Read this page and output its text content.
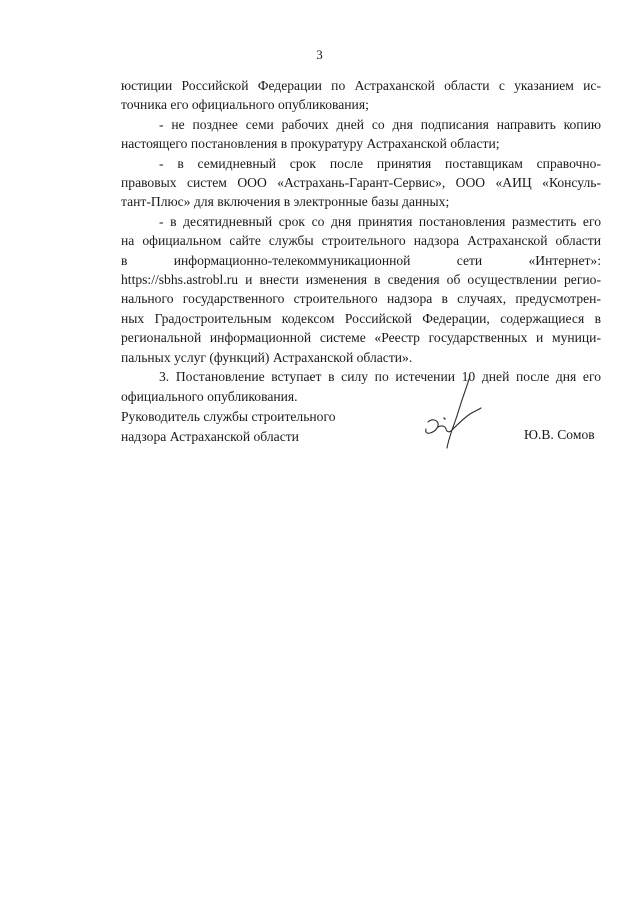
3
юстиции Российской Федерации по Астраханской области с указанием ис-
точника его официального опубликования;
- не позднее семи рабочих дней со дня подписания направить копию
настоящего постановления в прокуратуру Астраханской области;
- в семидневный срок после принятия поставщикам справочно-
правовых систем ООО «Астрахань-Гарант-Сервис», ООО «АИЦ «Консуль-
тант-Плюс» для включения в электронные базы данных;
- в десятидневный срок со дня принятия постановления разместить его
на официальном сайте службы строительного надзора Астраханской области
в информационно-телекоммуникационной сети «Интернет»:
https://sbhs.astrobl.ru и внести изменения в сведения об осуществлении регио-
нального государственного строительного надзора в случаях, предусмотрен-
ных Градостроительным кодексом Российской Федерации, содержащиеся в
региональной информационной системе «Реестр государственных и муници-
пальных услуг (функций) Астраханской области».
3. Постановление вступает в силу по истечении 10 дней после дня его
официального опубликования.
Руководитель службы строительного
надзора Астраханской области	Ю.В. Сомов
